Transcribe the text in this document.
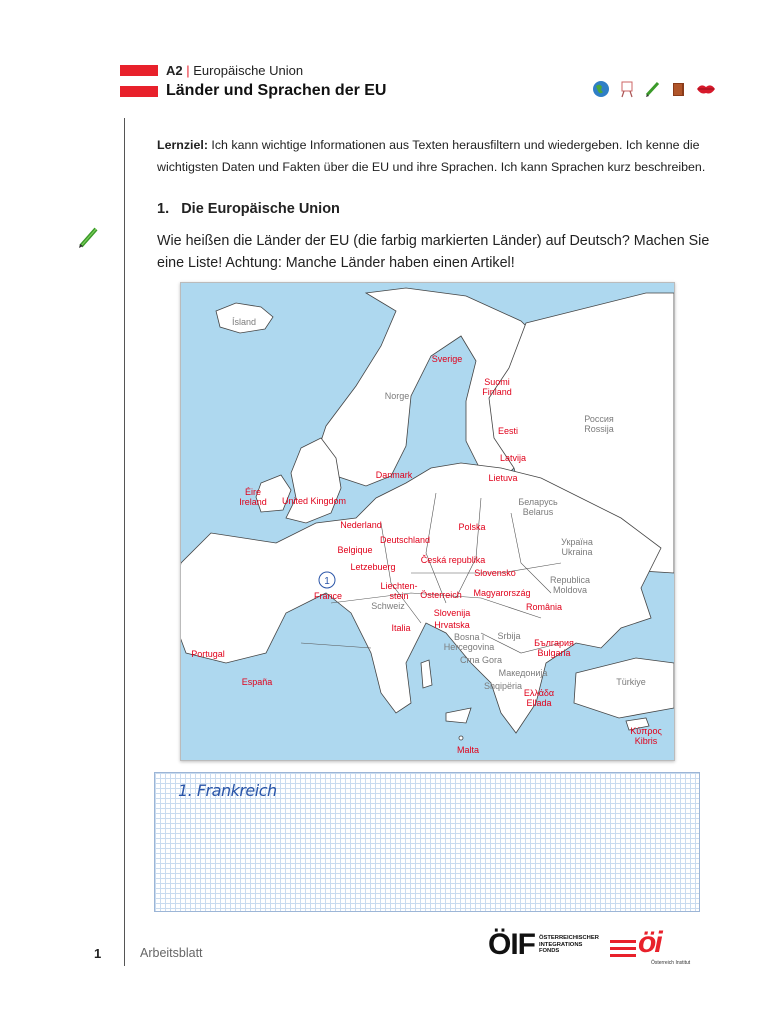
A2 | Europäische Union
Länder und Sprachen der EU
Lernziel: Ich kann wichtige Informationen aus Texten herausfiltern und wiedergeben. Ich kenne die wichtigsten Daten und Fakten über die EU und ihre Sprachen. Ich kann Sprachen kurz beschreiben.
1. Die Europäische Union
Wie heißen die Länder der EU (die farbig markierten Länder) auf Deutsch? Machen Sie eine Liste! Achtung: Manche Länder haben einen Artikel!
1
Sverige
Suomi
Finland
Eesti
Latvija
Lietuva
Danmark
Éire
Ireland United Kingdom
Nederland	Polska
Deutschland
Belgique
Letzebuerg
Česká republika
Slovensko
France
Liechten-
stein	Österreich Magyarország
România
Slovenija
Italia	Hrvatska
България
Bulgaria
Portugal
España
Ελλάδα
Ellada
Κύπρος
Kibris
Malta
Ísland
Norge
Россия
Rossija
Беларусь
Belarus
Україна
Ukraina
Republica
Moldova
Schweiz
Srbija
Bosna i
Hercegovina
Crna Gora
Македонија
Shqipëria	Türkiye
1. Frankreich
1	Arbeitsblatt	ÖIF ÖSTERREICHISCHER
INTEGRATIONS
FONDS	öi
Österreich Institut
